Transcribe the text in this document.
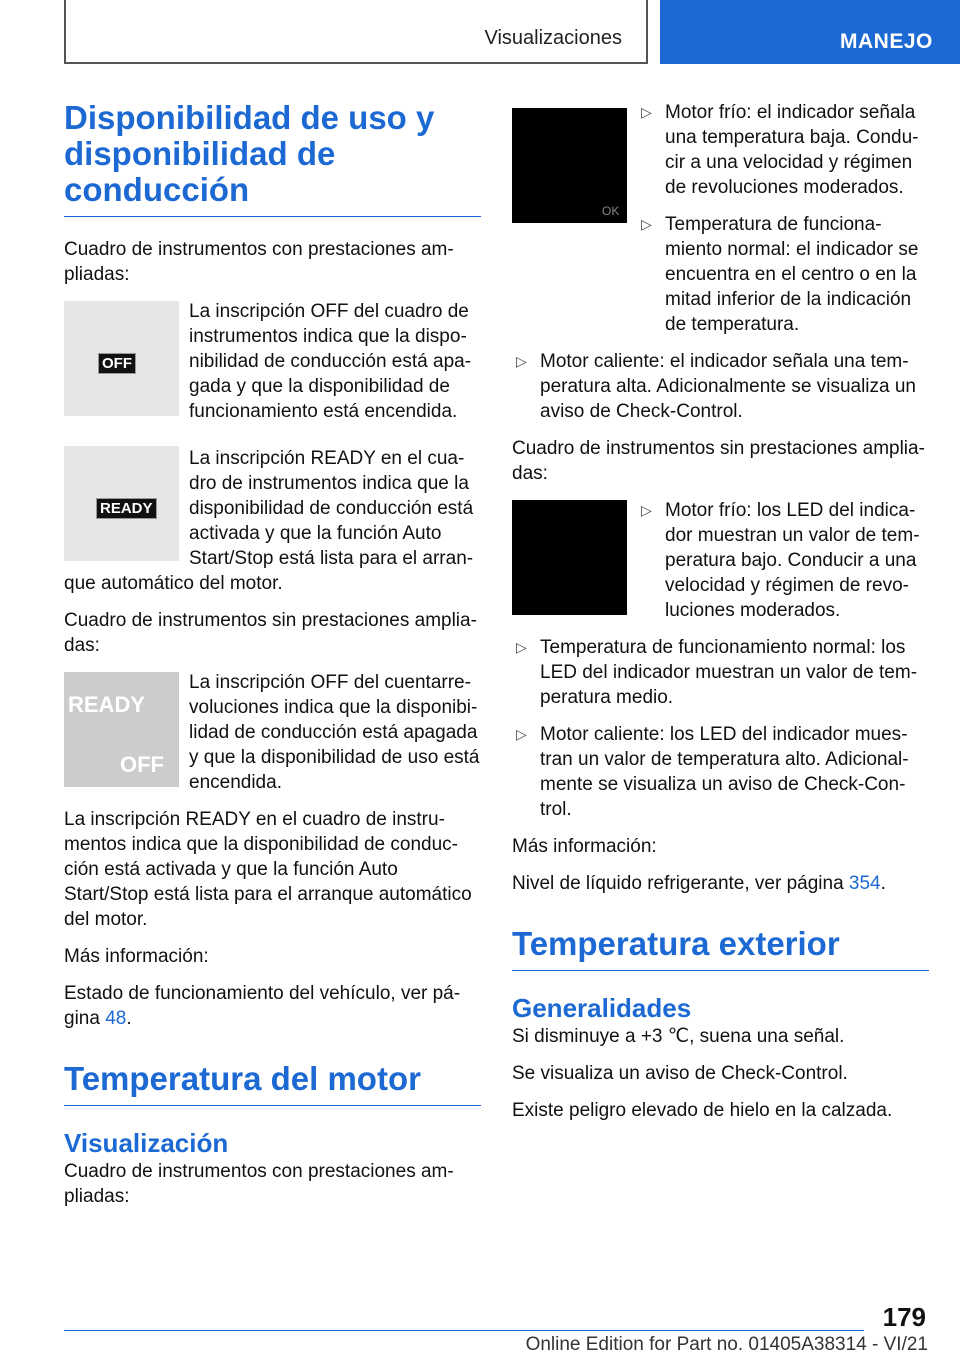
Visualizaciones	MANEJO
Disponibilidad de uso y disponibilidad de conducción

Cuadro de instrumentos con prestaciones ampliadas:

OFF

La inscripción OFF del cuadro de instrumentos indica que la disponibilidad de conducción está apagada y que la disponibilidad de funcionamiento está encendida.

READY

La inscripción READY en el cuadro de instrumentos indica que la disponibilidad de conducción está activada y que la función Auto Start/Stop está lista para el arranque automático del motor.

Cuadro de instrumentos sin prestaciones ampliadas:

READY
OFF

La inscripción OFF del cuentarrevoluciones indica que la disponibilidad de conducción está apagada y que la disponibilidad de uso está encendida.

La inscripción READY en el cuadro de instrumentos indica que la disponibilidad de conducción está activada y que la función Auto Start/Stop está lista para el arranque automático del motor.

Más información:

Estado de funcionamiento del vehículo, ver página 48.

Temperatura del motor
Visualización

Cuadro de instrumentos con prestaciones ampliadas:

OK
▷ Motor frío: el indicador señala una temperatura baja. Conducir a una velocidad y régimen de revoluciones moderados.
▷ Temperatura de funcionamiento normal: el indicador se encuentra en el centro o en la mitad inferior de la indicación de temperatura.
▷ Motor caliente: el indicador señala una temperatura alta. Adicionalmente se visualiza un aviso de Check-Control.

Cuadro de instrumentos sin prestaciones ampliadas:

▷ Motor frío: los LED del indicador muestran un valor de temperatura bajo. Conducir a una velocidad y régimen de revoluciones moderados.
▷ Temperatura de funcionamiento normal: los LED del indicador muestran un valor de temperatura medio.
▷ Motor caliente: los LED del indicador muestran un valor de temperatura alto. Adicionalmente se visualiza un aviso de Check-Control.

Más información:

Nivel de líquido refrigerante, ver página 354.

Temperatura exterior
Generalidades

Si disminuye a +3 ℃, suena una señal.

Se visualiza un aviso de Check-Control.

Existe peligro elevado de hielo en la calzada.

179
Online Edition for Part no. 01405A38314 - VI/21
